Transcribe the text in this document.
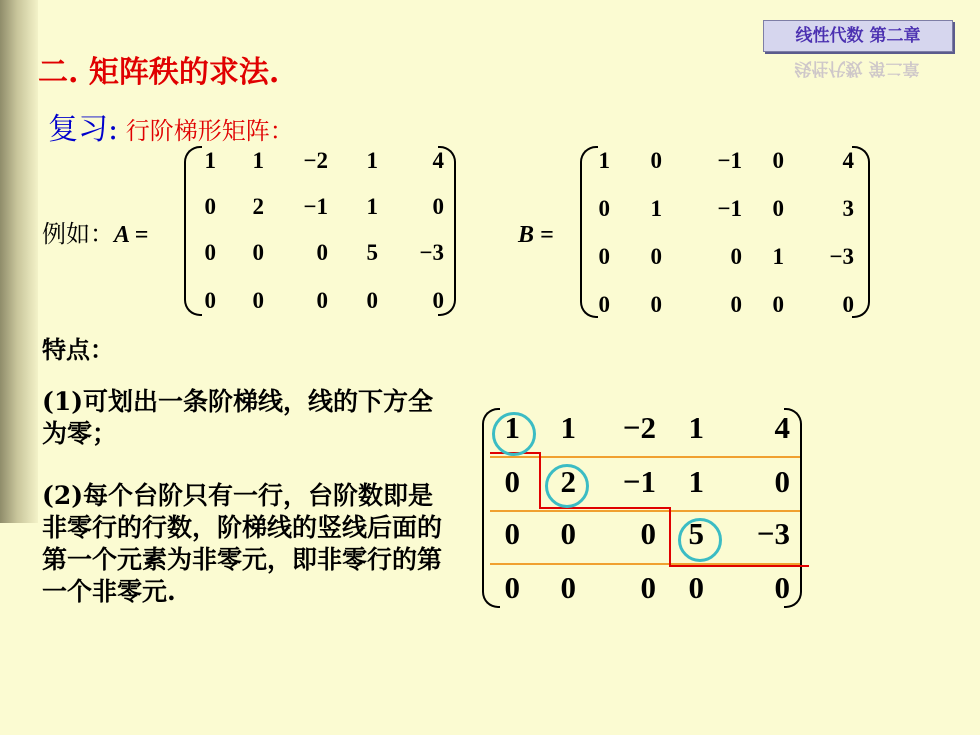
线性代数 第二章
线性代数 第二章
二. 矩阵秩的求法.
复习: 行阶梯形矩阵：
例如：A =
1	1	−2	1	4
0	2	−1	1	0
0	0	0	5	−3
0	0	0	0	0
B =
1	0	−1	0	4
0	1	−1	0	3
0	0	0	1	−3
0	0	0	0	0
特点：
(1)可划出一条阶梯线，线的下方全为零；
(2)每个台阶只有一行，台阶数即是非零行的行数，阶梯线的竖线后面的第一个元素为非零元，即非零行的第一个非零元.
1	1	−2	1	4
0	2	−1	1	0
0	0	0	5	−3
0	0	0	0	0
